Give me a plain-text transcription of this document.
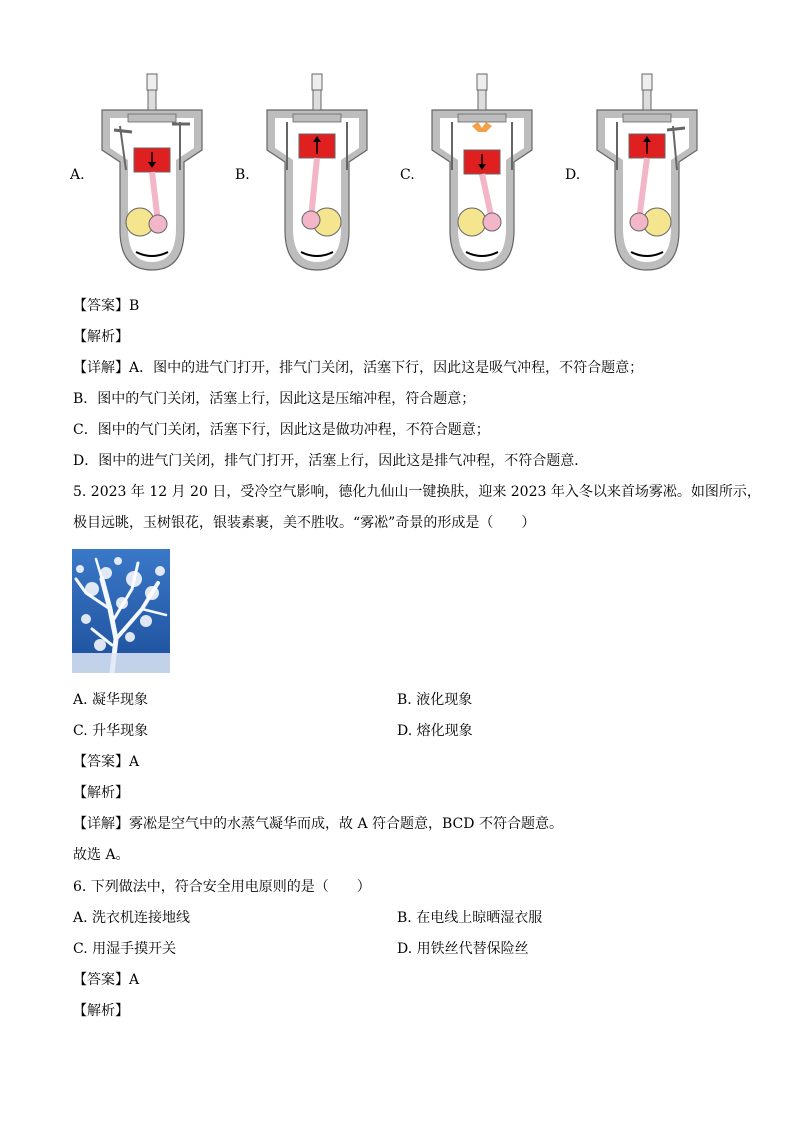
A.	B.	C.	D.
【答案】B
【解析】
【详解】A．图中的进气门打开，排气门关闭，活塞下行，因此这是吸气冲程，不符合题意；
B．图中的气门关闭，活塞上行，因此这是压缩冲程，符合题意；
C．图中的气门关闭，活塞下行，因此这是做功冲程，不符合题意；
D．图中的进气门关闭，排气门打开，活塞上行，因此这是排气冲程，不符合题意．
5. 2023 年 12 月 20 日，受冷空气影响，德化九仙山一键换肤，迎来 2023 年入冬以来首场雾凇。如图所示，
极目远眺，玉树银花，银装素裹，美不胜收。“雾凇”奇景的形成是（　　）
A. 凝华现象	B. 液化现象
C. 升华现象	D. 熔化现象
【答案】A
【解析】
【详解】雾凇是空气中的水蒸气凝华而成，故 A 符合题意，BCD 不符合题意。
故选 A。
6. 下列做法中，符合安全用电原则的是（　　）
A. 洗衣机连接地线	B. 在电线上晾晒湿衣服
C. 用湿手摸开关	D. 用铁丝代替保险丝
【答案】A
【解析】
